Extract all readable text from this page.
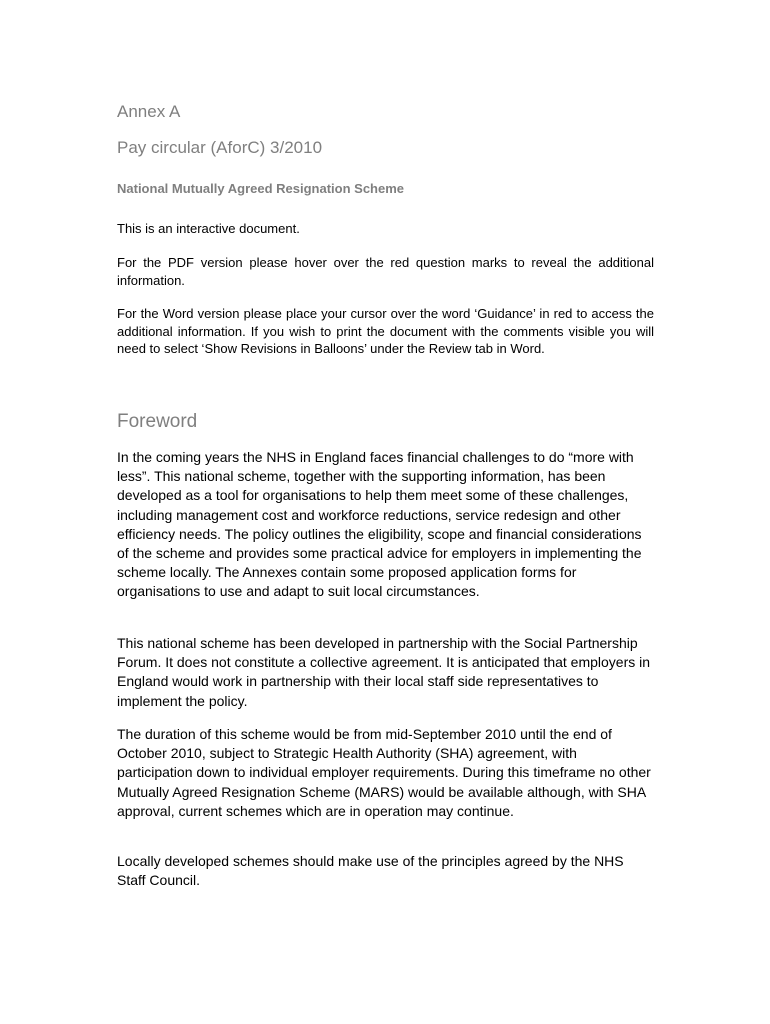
Annex A
Pay circular (AforC) 3/2010
National Mutually Agreed Resignation Scheme

This is an interactive document.

For the PDF version please hover over the red question marks to reveal the additional information.

For the Word version please place your cursor over the word ‘Guidance’ in red to access the additional information. If you wish to print the document with the comments visible you will need to select ‘Show Revisions in Balloons’ under the Review tab in Word.

Foreword

In the coming years the NHS in England faces financial challenges to do “more with less”. This national scheme, together with the supporting information, has been developed as a tool for organisations to help them meet some of these challenges, including management cost and workforce reductions, service redesign and other efficiency needs. The policy outlines the eligibility, scope and financial considerations of the scheme and provides some practical advice for employers in implementing the scheme locally. The Annexes contain some proposed application forms for organisations to use and adapt to suit local circumstances.

This national scheme has been developed in partnership with the Social Partnership Forum. It does not constitute a collective agreement. It is anticipated that employers in England would work in partnership with their local staff side representatives to implement the policy.

The duration of this scheme would be from mid-September 2010 until the end of October 2010, subject to Strategic Health Authority (SHA) agreement, with participation down to individual employer requirements. During this timeframe no other Mutually Agreed Resignation Scheme (MARS) would be available although, with SHA approval, current schemes which are in operation may continue.

Locally developed schemes should make use of the principles agreed by the NHS Staff Council.
